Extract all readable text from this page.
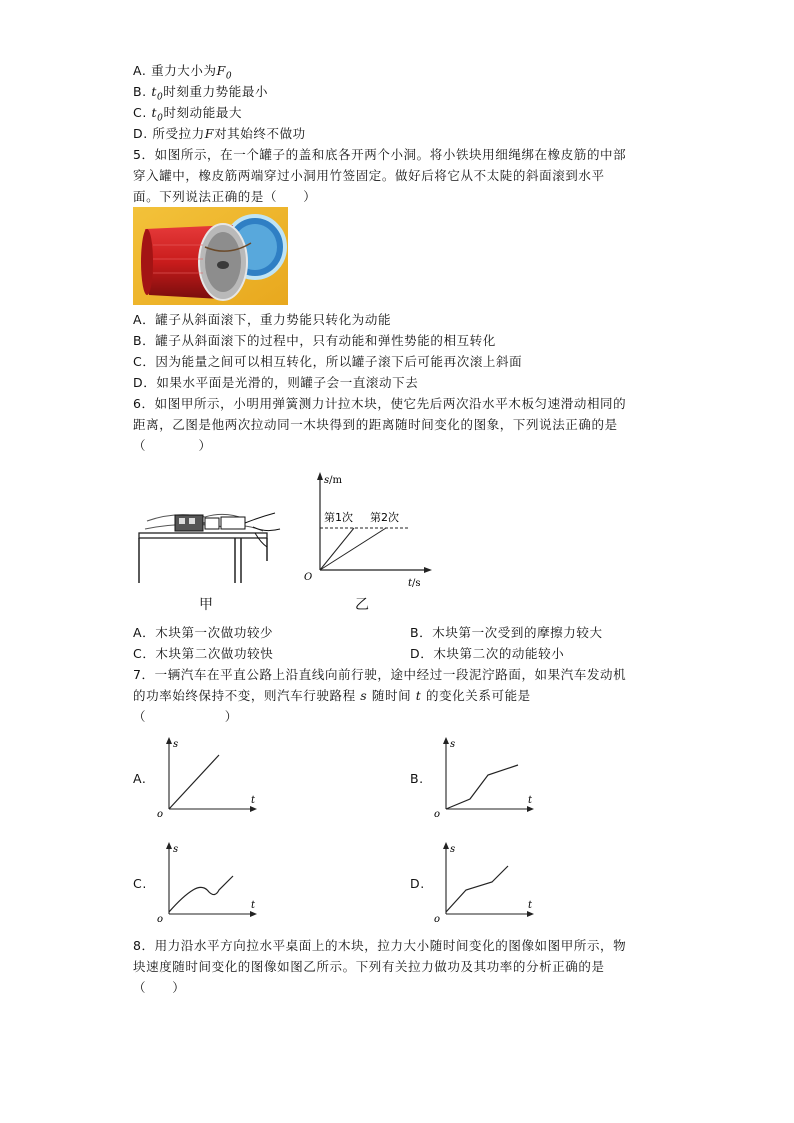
A. 重力大小为$F_0$
B. $t_0$时刻重力势能最小
C. $t_0$时刻动能最大
D. 所受拉力F对其始终不做功
5．如图所示，在一个罐子的盖和底各开两个小洞。将小铁块用细绳绑在橡皮筋的中部
穿入罐中，橡皮筋两端穿过小洞用竹签固定。做好后将它从不太陡的斜面滚到水平
面。下列说法正确的是（　　）
A．罐子从斜面滚下，重力势能只转化为动能
B．罐子从斜面滚下的过程中，只有动能和弹性势能的相互转化
C．因为能量之间可以相互转化，所以罐子滚下后可能再次滚上斜面
D．如果水平面是光滑的，则罐子会一直滚动下去
6．如图甲所示，小明用弹簧测力计拉木块，使它先后两次沿水平木板匀速滑动相同的
距离，乙图是他两次拉动同一木块得到的距离随时间变化的图象，下列说法正确的是
（　　　　）
甲
s/m
t/s
O
第1次 第2次
乙
A．木块第一次做功较少	B．木块第一次受到的摩擦力较大
C．木块第二次做功较快	D．木块第二次的动能较小
7．一辆汽车在平直公路上沿直线向前行驶，途中经过一段泥泞路面，如果汽车发动机
的功率始终保持不变，则汽车行驶路程 s 随时间 t 的变化关系可能是
（　　　　　　）
A.	B.
C.	D.
s
t
o
s
t
o
s
t
o
s
t
o
8．用力沿水平方向拉水平桌面上的木块，拉力大小随时间变化的图像如图甲所示，物
块速度随时间变化的图像如图乙所示。下列有关拉力做功及其功率的分析正确的是
（　　）
